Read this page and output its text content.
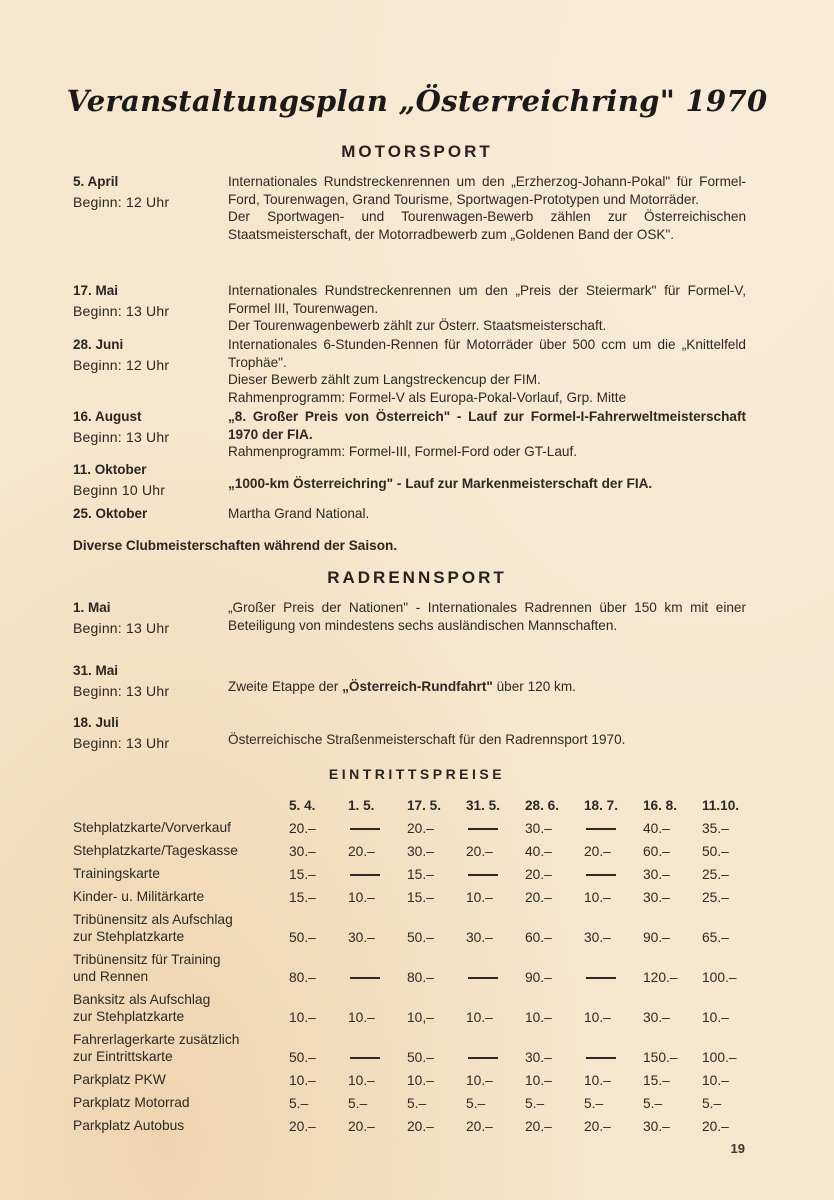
Veranstaltungsplan „Österreichring" 1970
MOTORSPORT
5. April
Beginn: 12 Uhr

Internationales Rundstreckenrennen um den „Erzherzog-Johann-Pokal" für Formel-Ford, Tourenwagen, Grand Tourisme, Sportwagen-Prototypen und Motorräder.

Der Sportwagen- und Tourenwagen-Bewerb zählen zur Österreichischen Staatsmeisterschaft, der Motorradbewerb zum „Goldenen Band der OSK".

17. Mai
Beginn: 13 Uhr

Internationales Rundstreckenrennen um den „Preis der Steiermark" für Formel-V, Formel III, Tourenwagen.

Der Tourenwagenbewerb zählt zur Österr. Staatsmeisterschaft.

28. Juni
Beginn: 12 Uhr

Internationales 6-Stunden-Rennen für Motorräder über 500 ccm um die „Knittelfeld Trophäe".

Dieser Bewerb zählt zum Langstreckencup der FIM.

Rahmenprogramm: Formel-V als Europa-Pokal-Vorlauf, Grp. Mitte

16. August
Beginn: 13 Uhr

„8. Großer Preis von Österreich" - Lauf zur Formel-I-Fahrerweltmeisterschaft 1970 der FIA.

Rahmenprogramm: Formel-III, Formel-Ford oder GT-Lauf.

11. Oktober
Beginn 10 Uhr	„1000-km Österreichring" - Lauf zur Markenmeisterschaft der FIA.

25. Oktober	Martha Grand National.

Diverse Clubmeisterschaften während der Saison.
RADRENNSPORT
1. Mai
Beginn: 13 Uhr

„Großer Preis der Nationen" - Internationales Radrennen über 150 km mit einer Beteiligung von mindestens sechs ausländischen Mannschaften.

31. Mai
Beginn: 13 Uhr	Zweite Etappe der „Österreich-Rundfahrt" über 120 km.

18. Juli
Beginn: 13 Uhr	Österreichische Straßenmeisterschaft für den Radrennsport 1970.

EINTRITTSPREISE
	5. 4.	1. 5.	17. 5.	31. 5.	28. 6.	18. 7.	16. 8.	11.10.

Stehplatzkarte/Vorverkauf	20.–		20.–		30.–		40.–	35.–

Stehplatzkarte/Tageskasse	30.–	20.–	30.–	20.–	40.–	20.–	60.–	50.–

Trainingskarte	15.–		15.–		20.–		30.–	25.–

Kinder- u. Militärkarte	15.–	10.–	15.–	10.–	20.–	10.–	30.–	25.–

Tribünensitz als Aufschlag
zur Stehplatzkarte	50.–	30.–	50.–	30.–	60.–	30.–	90.–	65.–

Tribünensitz für Training
und Rennen	80.–		80.–		90.–		120.–	100.–

Banksitz als Aufschlag
zur Stehplatzkarte	10.–	10.–	10,–	10.–	10.–	10.–	30.–	10.–

Fahrerlagerkarte zusätzlich
zur Eintrittskarte	50.–		50.–		30.–		150.–	100.–

Parkplatz PKW	10.–	10.–	10.–	10.–	10.–	10.–	15.–	10.–

Parkplatz Motorrad	5.–	5.–	5.–	5.–	5.–	5.–	5.–	5.–

Parkplatz Autobus	20.–	20.–	20.–	20.–	20.–	20.–	30.–	20.–
19
